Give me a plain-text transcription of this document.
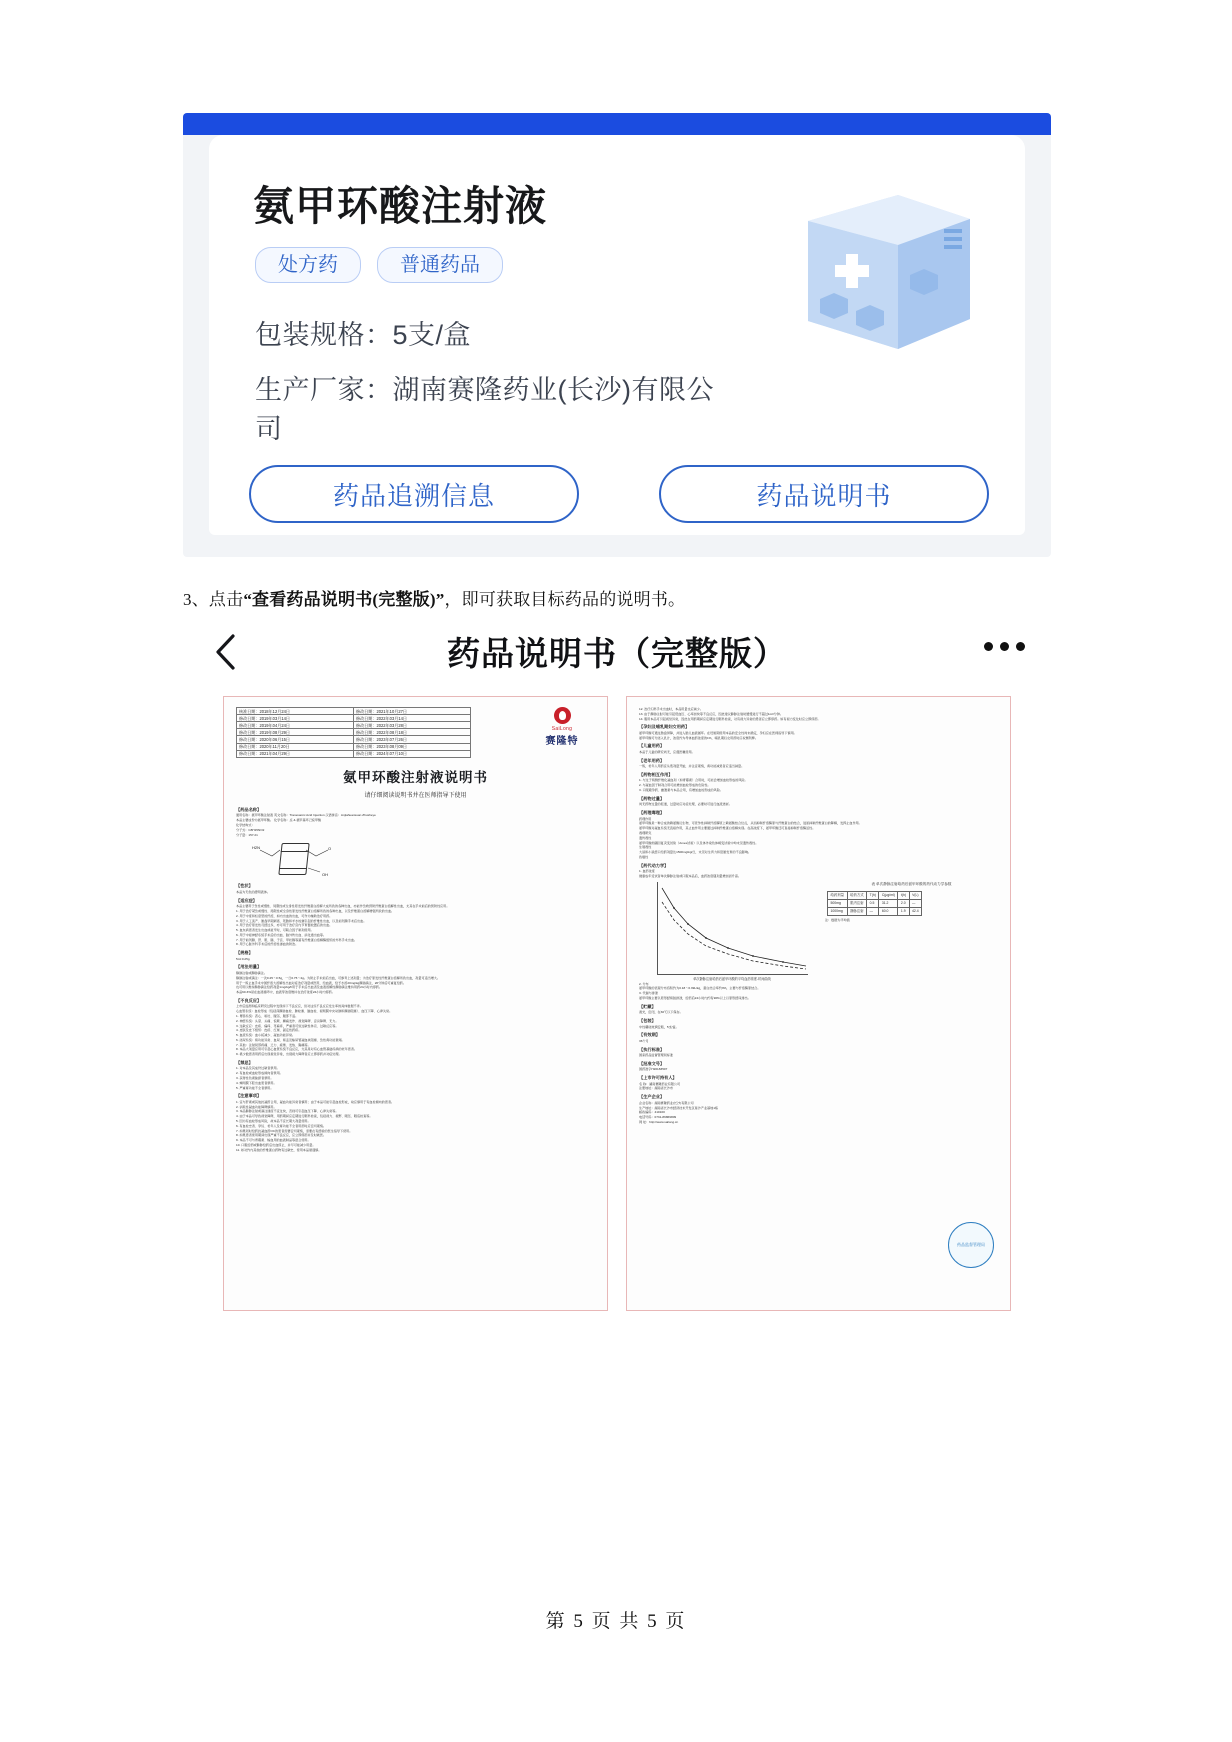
氨甲环酸注射液
处方药	普通药品
包装规格：5支/盒
生产厂家：湖南赛隆药业(长沙)有限公司
药品追溯信息	药品说明书
3、点击“查看药品说明书(完整版)”，即可获取目标药品的说明书。
药品说明书（完整版）
SaiLong
赛隆特
核准日期：2018年12月24日	修改日期：2021年10月27日
修改日期：2019年03月14日	修改日期：2022年03月14日
修改日期：2019年04月24日	修改日期：2022年03月28日
修改日期：2019年08月29日	修改日期：2022年08月18日
修改日期：2020年06月15日	修改日期：2023年07月26日
修改日期：2020年11月20日	修改日期：2023年08月09日
修改日期：2021年04月29日	修改日期：2024年07月10日
氨甲环酸注射液说明书
请仔细阅读说明书并在医师指导下使用
【药品名称】
通用名称：氨甲环酸注射液 英文名称：Tranexamic Acid Injection 汉语拼音：Anjiahuansuan Zhusheye
本品主要成份为氨甲环酸。 化学名称：反-4-氨甲基环己烷甲酸
化学结构式：
分子式：C8H15NO2
分子量：157.21
H2N	O
OH
【性状】
本品为无色的澄明液体。
【适应症】
本品主要用于急性或慢性、局限性或全身性原发性纤维蛋白溶解大成所致的各种出血，亦能作急救预防纤维蛋白溶解性出血，尤其在手术前后的预防性应用。
1. 用于治疗紧急或慢性、局限性或全身性原发性纤维蛋白溶解所致的各种出血，以及纤维蛋白溶解增强所致的出血。
2. 用于中度和轻度型的纤溶，如内出血的出血，可作为辅助治疗用药。
3. 用于人工流产、胎盘早期剥离、死胎和羊水栓塞引起的纤维性出血，以及前列腺手术后出血。
4. 用于治疗原发性月经过多，亦可用于治疗宫内节育器放置后的出血。
5. 血友病患者发生出血或拔牙时，可联合因子制剂使用。
6. 用于中枢神经系统手术后的出血、脑外伤出血、消化道出血等。
7. 用于前列腺、肝、胆、胰、子宫、甲状腺等富有纤维蛋白溶解酶组织的外科手术出血。
8. 用于心脏外科手术后的纤溶性渗血的防治。
【规格】
5ml:0.25g
【用法用量】
静脉注射或静脉滴注。
静脉注射或滴注：一次0.25～0.5g，一日0.75～2g。为防止手术前后出血，可参考上述剂量；为治疗原发性纤维蛋白溶解所致出血，剂量可适当增大。
用于一般止血手术中国纤溶大溶解性出血对症治疗剂量或医用，给血液，给予水溶20mg/kg静脉滴注，20分钟后可重复给药。
也可用以维持静脉滴注给药剂量1mg/kg/h用于手术后出血者及血液溶解性静脉滴注维持用药24小时内停药。
本品60.3%是在血液循环中，血液穿浓度维持在治疗浓度24小时内停药。
【不良反应】
上市后监测和临床研究过程中发现如下不良反应，但对这些不良反应发生率的具体数据不详。
心血管系统：血栓形成（包括深静脉血栓、肺栓塞、脑血栓、视网膜中央动脉和静脉阻塞）、血压下降、心律失常。
1. 胃肠系统：恶心、呕吐、腹泻，腹部不适。
2. 神经系统：头晕、头痛、惊厥、癫痫发作、视觉障碍、意识障碍、无力。
3. 过敏反应：皮疹、瘙痒、荨麻疹，严重者可致过敏性休克、过敏反应等。
4. 皮肤及皮下组织：皮疹、红斑、固定性药疹。
5. 血液系统：血小板减少、凝血功能异常。
6. 泌尿系统：肾功能异常、血尿、肾盂及输尿管凝血块阻塞、急性肾功能衰竭。
7. 其他：注射局部疼痛、乏力、疲倦、发热、胸痛等。
8. 本品大剂量应用可引起心血管系统不良反应，尤其是对有心血管基础疾病的老年患者。
9. 极少数患者用药后出现视觉异常，出现视力障碍者应立即停药并对症处理。
【禁忌】
1. 对本品及其成份过敏者禁用。
2. 有血栓或血栓形成倾向者禁用。
3. 获得性色素缺损者禁用。
4. 蛛网膜下腔出血患者禁用。
5. 严重肾功能不全者禁用。
【注意事项】
1. 宜与肝素或其他抗凝药合用，凝血功能异常者慎用；由于本品可能引起血栓形成，故应慎用于有血栓倾向的患者。
2. 消耗性凝血功能障碍慎用。
3. 本品静脉注射或滴注速度不宜过快，否则可引起血压下降、心律失常等。
4. 由于本品可导致视觉障碍，用药期间应定期进行眼科检查，包括视力、视野、眼压、眼底检查等。
5. 因为有血栓形成风险，故本品不宜长期大剂量使用。
6. 有血栓史者、孕妇、老年人及肾功能不全者用药时应密切观察。
7. 如果同时给药抗凝血药OC的患者需要密切观察，需要在有经验的医生指导下使用。
8. 如果患者使用期间出现严重不良反应，应立即停药并及时就医。
9. 本品不可与青霉素、输血用的血液制品等混合使用。
10. 口服给药或静脉给药后出血停止，并尽可能减少用量。
11. 如对约内其他的纤维蛋白药物有过敏史，使用本品须谨慎。
12. 治疗妇科手术出血时，本品用量也应减少。
13. 由于静脉注射可能引起低血压、心率加快等不良反应，因此建议静脉注射时缓慢进行不超过1ml/分钟。
14. 服用本品可引起视觉异常，因此在用药期间应定期进行眼科检查，对有视力异常的患者应立即停药。如有视力变化时应立即停药。
【孕妇及哺乳期妇女用药】
氨甲环酸可通过胎盘屏障，并进入胎儿血液循环。在妊娠期使用本品的安全性尚未确定，孕妇应在医师指导下慎用。
氨甲环酸可分泌入乳汁，浓度约为母体血药浓度的1%，哺乳期妇女用药时应权衡利弊。
【儿童用药】
本品于儿童的研究尚无，应遵医嘱使用。
【老年用药】
一般，老年人用药宜从低剂量开始，并注意观察，肾功能减退者应适当减量。
【药物相互作用】
1. 与过于两侧纤维化凝血剂（如青霉素）合用时，可能会增加血栓形成的风险。
2. 与凝血因子制剂合用可能增加血栓形成的危险性。
3. 口服避孕药、雌激素与本品合用，有增加血栓形成的风险。
【药物过量】
尚无药物过量的报道，过量时应对症处理，必要时可进行血液透析。
【药理毒理】
药理作用
氨甲环酸是一种合成的赖氨酸衍生物，可竞争性抑制纤溶酶原上赖氨酸结合位点，从而抑制纤溶酶原与纤维蛋白的结合，进而抑制纤维蛋白的降解，发挥止血作用。
氨甲环酸对凝血系统无直接作用，其止血作用主要通过抑制纤维蛋白溶解实现。在高浓度下，氨甲环酸还可直接抑制纤溶酶活性。
毒理研究
遗传毒性
氨甲环酸细菌回复突变试验（Ames试验）以及体外染色体畸变试验中均未见遗传毒性。
生殖毒性
大鼠和小鼠经口给药剂量达1500mg/kg/日，未见对生育力和胚胎发育的不良影响。
致癌性
【药代动力学】
1. 血药浓度
健康成年受试者单次静脉注射或口服本品后，血药浓度随剂量增加而升高。
单次静脉注射给药后氨甲环酸的平均血药浓度-时间曲线
表 单次静脉注射给药后氨甲环酸的药代动力学参数
给药剂量	给药方式	T(h)	C(μg/ml)	t(h)	V(L)
500mg	肌内注射	0.5	31.2	2.0	—
1000mg	静脉注射	—	60.0	1.9	42.4
注：数据为平均值
2. 分布
氨甲环酸的表观分布容积约为0.18～0.39L/kg，蛋白结合率约3%，主要与纤溶酶原结合。
3. 代谢与排泄
氨甲环酸主要以原形经肾脏排泄，给药后24小时内约有90%以上以原形经尿排出。
【贮藏】
遮光，密闭，在30℃以下保存。
【包装】
中性硼硅玻璃安瓶，5支/盒。
【有效期】
36个月
【执行标准】
国家药品监督管理局标准
【批准文号】
国药准字H20183507
【上市许可持有人】
名 称：湖南赛隆药业有限公司
注册地址：湖南省长沙市
【生产企业】
企业名称：湖南赛隆药业(长沙)有限公司
生产地址：湖南省长沙市经济技术开发区星沙产业基地1栋
邮政编码：410100
电话号码：0731-86869809
网 址：http://www.sailong.cn
药品监督管理局
第 5 页 共 5 页
